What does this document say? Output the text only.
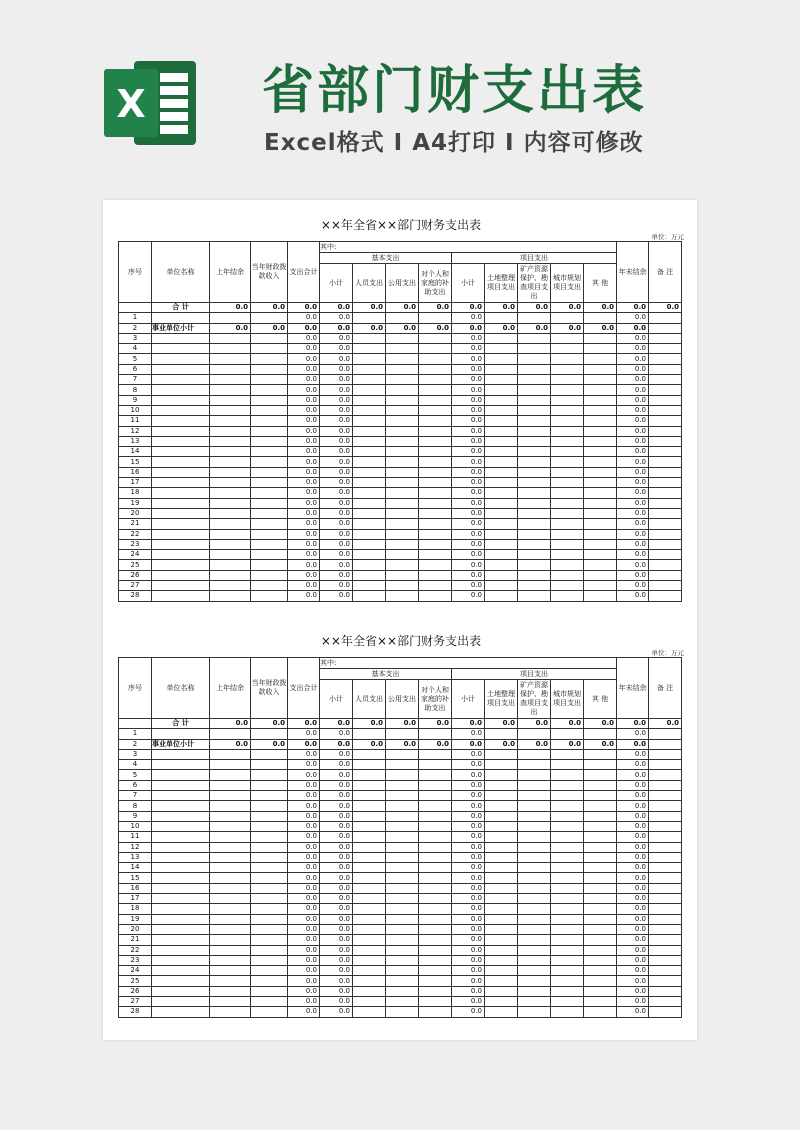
X 省部门财支出表
Excel格式 I A4打印 I 内容可修改
××年全省××部门财务支出表
单位：万元
序号	单位名称	上年结余	当年财政拨款收入	支出合计	其中:									年末结余	备 注
					基本支出				项目支出						
					小计	人员支出	公用支出	对个人和家庭的补助支出	小计	土地整理项目支出	矿产资源保护、勘查项目支出	城市规划项目支出	其 他		

	合 计	0.0	0.0	0.0	0.0	0.0	0.0	0.0	0.0	0.0	0.0	0.0	0.0	0.0	0.0
1				0.0	0.0				0.0					0.0	
2	事业单位小计	0.0	0.0	0.0	0.0	0.0	0.0	0.0	0.0	0.0	0.0	0.0	0.0	0.0	
3				0.0	0.0				0.0					0.0	
4				0.0	0.0				0.0					0.0	
5				0.0	0.0				0.0					0.0	
6				0.0	0.0				0.0					0.0	
7				0.0	0.0				0.0					0.0	
8				0.0	0.0				0.0					0.0	
9				0.0	0.0				0.0					0.0	
10				0.0	0.0				0.0					0.0	
11				0.0	0.0				0.0					0.0	
12				0.0	0.0				0.0					0.0	
13				0.0	0.0				0.0					0.0	
14				0.0	0.0				0.0					0.0	
15				0.0	0.0				0.0					0.0	
16				0.0	0.0				0.0					0.0	
17				0.0	0.0				0.0					0.0	
18				0.0	0.0				0.0					0.0	
19				0.0	0.0				0.0					0.0	
20				0.0	0.0				0.0					0.0	
21				0.0	0.0				0.0					0.0	
22				0.0	0.0				0.0					0.0	
23				0.0	0.0				0.0					0.0	
24				0.0	0.0				0.0					0.0	
25				0.0	0.0				0.0					0.0	
26				0.0	0.0				0.0					0.0	
27				0.0	0.0				0.0					0.0	
28				0.0	0.0				0.0					0.0	
××年全省××部门财务支出表
单位：万元
序号	单位名称	上年结余	当年财政拨款收入	支出合计	其中:									年末结余	备 注
					基本支出				项目支出						
					小计	人员支出	公用支出	对个人和家庭的补助支出	小计	土地整理项目支出	矿产资源保护、勘查项目支出	城市规划项目支出	其 他		

	合 计	0.0	0.0	0.0	0.0	0.0	0.0	0.0	0.0	0.0	0.0	0.0	0.0	0.0	0.0
1				0.0	0.0				0.0					0.0	
2	事业单位小计	0.0	0.0	0.0	0.0	0.0	0.0	0.0	0.0	0.0	0.0	0.0	0.0	0.0	
3				0.0	0.0				0.0					0.0	
4				0.0	0.0				0.0					0.0	
5				0.0	0.0				0.0					0.0	
6				0.0	0.0				0.0					0.0	
7				0.0	0.0				0.0					0.0	
8				0.0	0.0				0.0					0.0	
9				0.0	0.0				0.0					0.0	
10				0.0	0.0				0.0					0.0	
11				0.0	0.0				0.0					0.0	
12				0.0	0.0				0.0					0.0	
13				0.0	0.0				0.0					0.0	
14				0.0	0.0				0.0					0.0	
15				0.0	0.0				0.0					0.0	
16				0.0	0.0				0.0					0.0	
17				0.0	0.0				0.0					0.0	
18				0.0	0.0				0.0					0.0	
19				0.0	0.0				0.0					0.0	
20				0.0	0.0				0.0					0.0	
21				0.0	0.0				0.0					0.0	
22				0.0	0.0				0.0					0.0	
23				0.0	0.0				0.0					0.0	
24				0.0	0.0				0.0					0.0	
25				0.0	0.0				0.0					0.0	
26				0.0	0.0				0.0					0.0	
27				0.0	0.0				0.0					0.0	
28				0.0	0.0				0.0					0.0	
